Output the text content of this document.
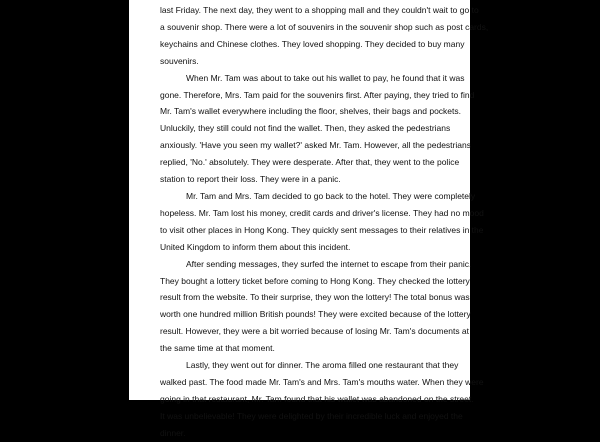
last Friday. The next day, they went to a shopping mall and they couldn't wait to go to
a souvenir shop. There were a lot of souvenirs in the souvenir shop such as post cards,
keychains and Chinese clothes. They loved shopping. They decided to buy many
souvenirs.
When Mr. Tam was about to take out his wallet to pay, he found that it was
gone. Therefore, Mrs. Tam paid for the souvenirs first. After paying, they tried to find
Mr. Tam's wallet everywhere including the floor, shelves, their bags and pockets.
Unluckily, they still could not find the wallet. Then, they asked the pedestrians
anxiously. 'Have you seen my wallet?' asked Mr. Tam. However, all the pedestrians
replied, 'No.' absolutely. They were desperate. After that, they went to the police
station to report their loss. They were in a panic.
Mr. Tam and Mrs. Tam decided to go back to the hotel. They were completely
hopeless. Mr. Tam lost his money, credit cards and driver's license. They had no mood
to visit other places in Hong Kong. They quickly sent messages to their relatives in the
United Kingdom to inform them about this incident.
After sending messages, they surfed the internet to escape from their panic.
They bought a lottery ticket before coming to Hong Kong. They checked the lottery
result from the website. To their surprise, they won the lottery! The total bonus was
worth one hundred million British pounds! They were excited because of the lottery
result. However, they were a bit worried because of losing Mr. Tam's documents at
the same time at that moment.
Lastly, they went out for dinner. The aroma filled one restaurant that they
walked past. The food made Mr. Tam's and Mrs. Tam's mouths water. When they were
going in that restaurant, Mr. Tam found that his wallet was abandoned on the street.
It was unbelievable! They were delighted by their incredible luck and enjoyed the
dinner.
